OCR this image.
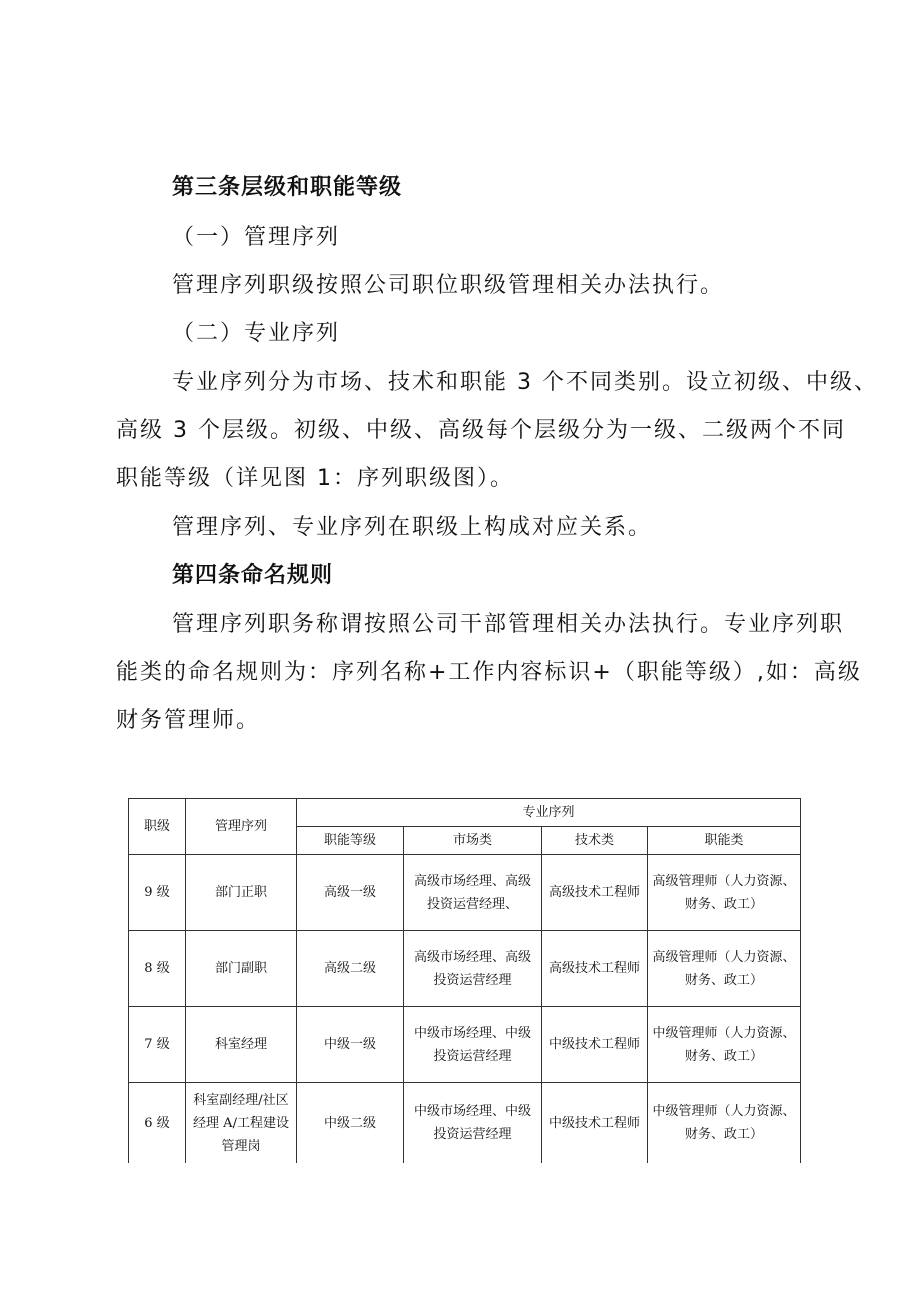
第三条层级和职能等级
（一）管理序列
管理序列职级按照公司职位职级管理相关办法执行。
（二）专业序列
专业序列分为市场、技术和职能 3 个不同类别。设立初级、中级、
高级 3 个层级。初级、中级、高级每个层级分为一级、二级两个不同
职能等级（详见图 1：序列职级图）。
管理序列、专业序列在职级上构成对应关系。
第四条命名规则
管理序列职务称谓按照公司干部管理相关办法执行。专业序列职
能类的命名规则为：序列名称+工作内容标识+（职能等级）,如：高级
财务管理师。
职级	管理序列	专业序列			
		职能等级	市场类	技术类	职能类
9 级	部门正职	高级一级	高级市场经理、高级投资运营经理、	高级技术工程师	高级管理师（人力资源、财务、政工）
8 级	部门副职	高级二级	高级市场经理、高级投资运营经理	高级技术工程师	高级管理师（人力资源、财务、政工）
7 级	科室经理	中级一级	中级市场经理、中级投资运营经理	中级技术工程师	中级管理师（人力资源、财务、政工）
6 级	科室副经理/社区经理 A/工程建设管理岗	中级二级	中级市场经理、中级投资运营经理	中级技术工程师	中级管理师（人力资源、财务、政工）
